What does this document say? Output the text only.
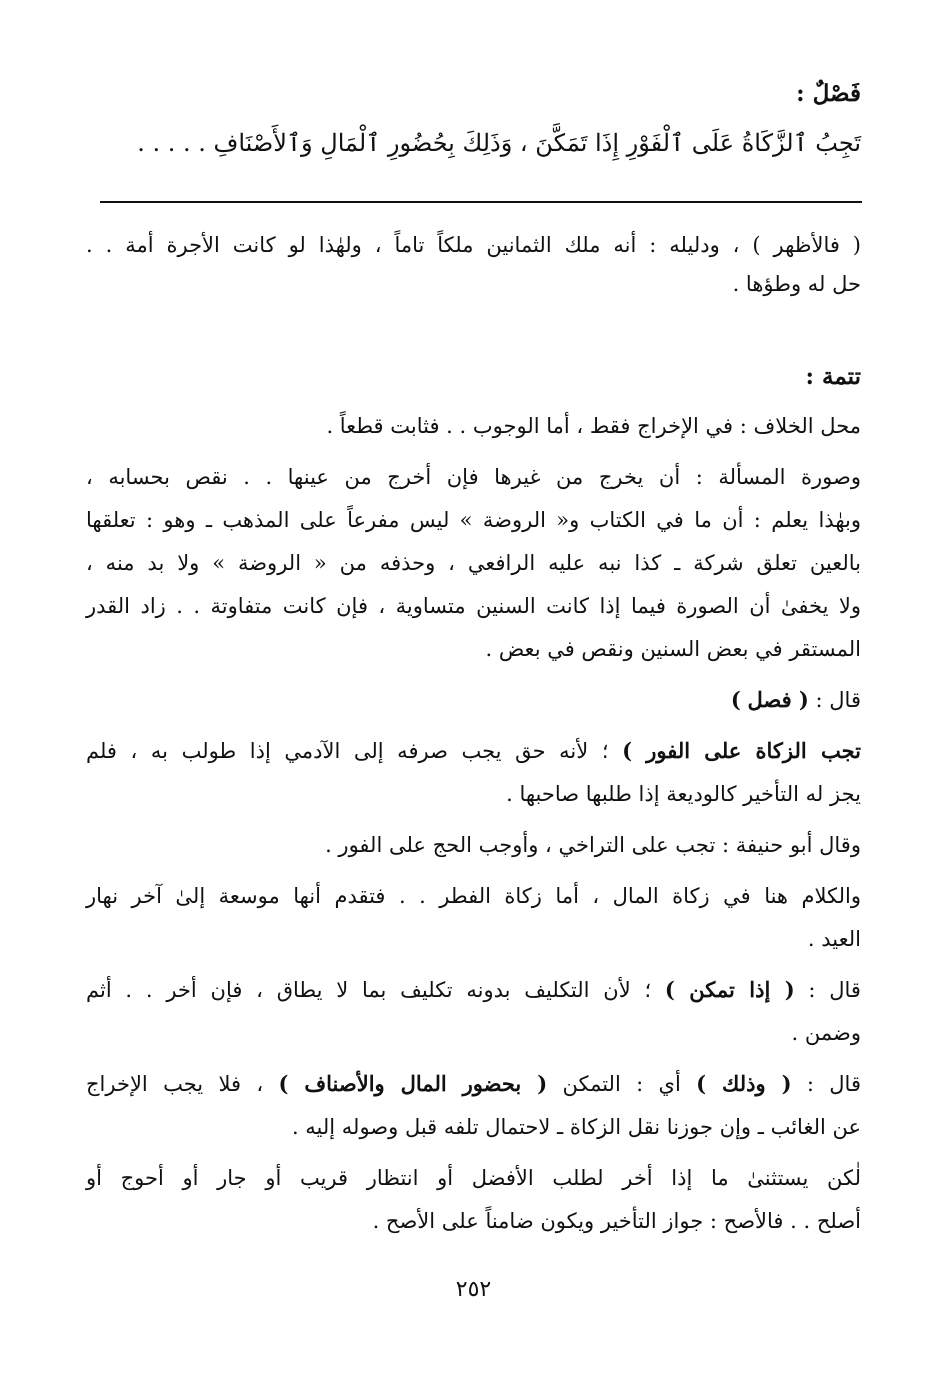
فَصْلٌ :
تَجِبُ ٱلزَّكَاةُ عَلَى ٱلْفَوْرِ إِذَا تَمَكَّنَ ، وَذَلِكَ بِحُضُورِ ٱلْمَالِ وَٱلأَصْنَافِ . . . . .
( فالأظهر ) ، ودليله : أنه ملك الثمانين ملكاً تاماً ، ولهٰذا لو كانت الأجرة أمة . .
حل له وطؤها .
تتمة :
محل الخلاف : في الإخراج فقط ، أما الوجوب . . فثابت قطعاً .
وصورة المسألة : أن يخرج من غيرها فإن أخرج من عينها . . نقص بحسابه ،
وبهٰذا يعلم : أن ما في الكتاب و« الروضة » ليس مفرعاً على المذهب ـ وهو : تعلقها
بالعين تعلق شركة ـ كذا نبه عليه الرافعي ، وحذفه من « الروضة » ولا بد منه ،
ولا يخفىٰ أن الصورة فيما إذا كانت السنين متساوية ، فإن كانت متفاوتة . . زاد القدر
المستقر في بعض السنين ونقص في بعض .
قال : ( فصل )
تجب الزكاة على الفور ) ؛ لأنه حق يجب صرفه إلى الآدمي إذا طولب به ، فلم
يجز له التأخير كالوديعة إذا طلبها صاحبها .
وقال أبو حنيفة : تجب على التراخي ، وأوجب الحج على الفور .
والكلام هنا في زكاة المال ، أما زكاة الفطر . . فتقدم أنها موسعة إلىٰ آخر نهار
العيد .
قال : ( إذا تمكن ) ؛ لأن التكليف بدونه تكليف بما لا يطاق ، فإن أخر . . أثم
وضمن .
قال : ( وذلك ) أي : التمكن ( بحضور المال والأصناف ) ، فلا يجب الإخراج
عن الغائب ـ وإن جوزنا نقل الزكاة ـ لاحتمال تلفه قبل وصوله إليه .
لٰكن يستثنىٰ ما إذا أخر لطلب الأفضل أو انتظار قريب أو جار أو أحوج أو
أصلح . . فالأصح : جواز التأخير ويكون ضامناً على الأصح .
٢٥٢
